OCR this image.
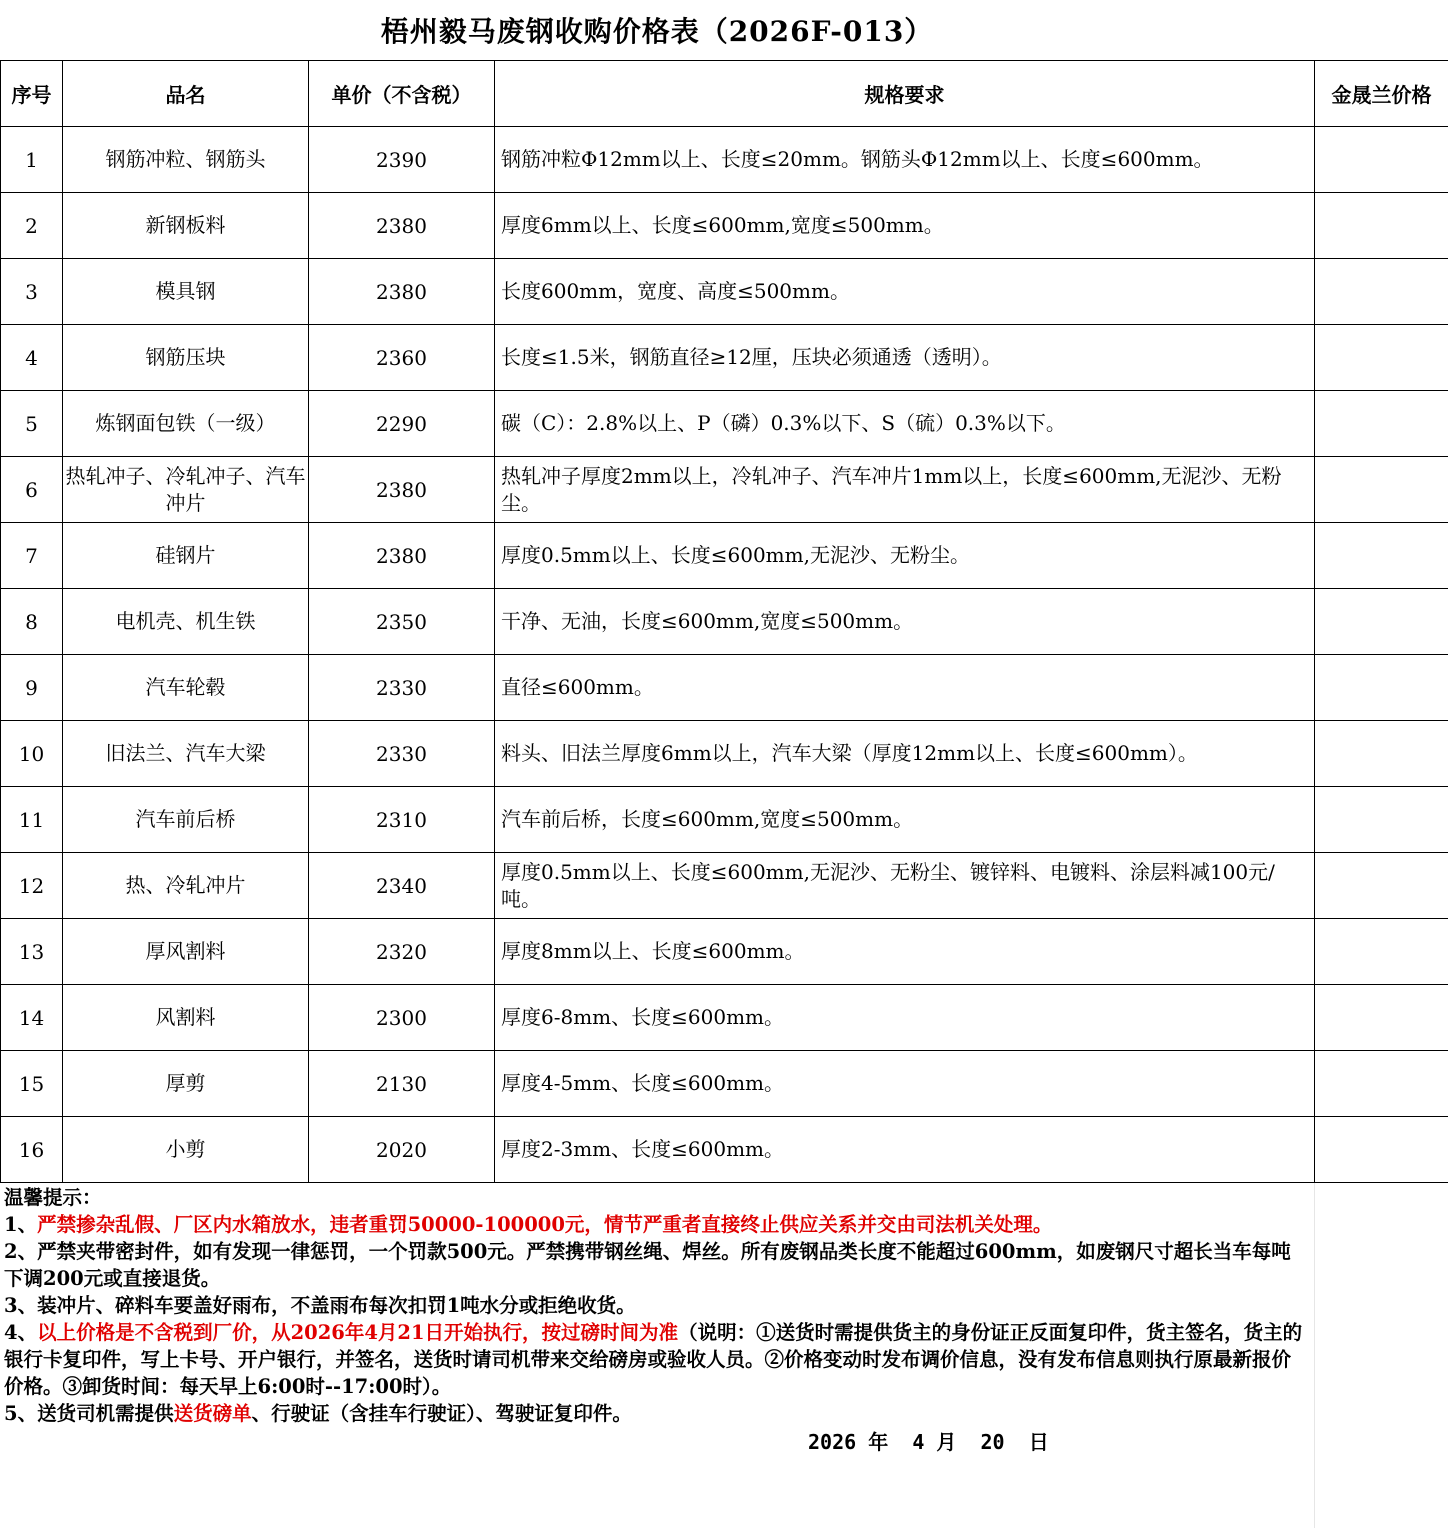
梧州毅马废钢收购价格表（2026F-013）
序号	品名	单价（不含税）	规格要求	金晟兰价格
1	钢筋冲粒、钢筋头	2390	钢筋冲粒Φ12mm以上、长度≤20mm。钢筋头Φ12mm以上、长度≤600mm。	
2	新钢板料	2380	厚度6mm以上、长度≤600mm,宽度≤500mm。	
3	模具钢	2380	长度600mm，宽度、高度≤500mm。	
4	钢筋压块	2360	长度≤1.5米，钢筋直径≥12厘，压块必须通透（透明）。	
5	炼钢面包铁（一级）	2290	碳（C）：2.8%以上、P（磷）0.3%以下、S（硫）0.3%以下。	
6	热轧冲子、冷轧冲子、汽车冲片	2380	热轧冲子厚度2mm以上，冷轧冲子、汽车冲片1mm以上，长度≤600mm,无泥沙、无粉尘。	
7	硅钢片	2380	厚度0.5mm以上、长度≤600mm,无泥沙、无粉尘。	
8	电机壳、机生铁	2350	干净、无油，长度≤600mm,宽度≤500mm。	
9	汽车轮毂	2330	直径≤600mm。	
10	旧法兰、汽车大梁	2330	料头、旧法兰厚度6mm以上，汽车大梁（厚度12mm以上、长度≤600mm）。	
11	汽车前后桥	2310	汽车前后桥，长度≤600mm,宽度≤500mm。	
12	热、冷轧冲片	2340	厚度0.5mm以上、长度≤600mm,无泥沙、无粉尘、镀锌料、电镀料、涂层料减100元/吨。	
13	厚风割料	2320	厚度8mm以上、长度≤600mm。	
14	风割料	2300	厚度6-8mm、长度≤600mm。	
15	厚剪	2130	厚度4-5mm、长度≤600mm。	
16	小剪	2020	厚度2-3mm、长度≤600mm。	

温馨提示：

1、严禁掺杂乱假、厂区内水箱放水，违者重罚50000-100000元，情节严重者直接终止供应关系并交由司法机关处理。

2、严禁夹带密封件，如有发现一律惩罚，一个罚款500元。严禁携带钢丝绳、焊丝。所有废钢品类长度不能超过600mm，如废钢尺寸超长当车每吨下调200元或直接退货。

3、装冲片、碎料车要盖好雨布，不盖雨布每次扣罚1吨水分或拒绝收货。

4、以上价格是不含税到厂价，从2026年4月21日开始执行，按过磅时间为准（说明：①送货时需提供货主的身份证正反面复印件，货主签名，货主的银行卡复印件，写上卡号、开户银行，并签名，送货时请司机带来交给磅房或验收人员。②价格变动时发布调价信息，没有发布信息则执行原最新报价价格。③卸货时间：每天早上6:00时--17:00时）。

5、送货司机需提供送货磅单、行驶证（含挂车行驶证）、驾驶证复印件。

2026 年 4 月 20 日
